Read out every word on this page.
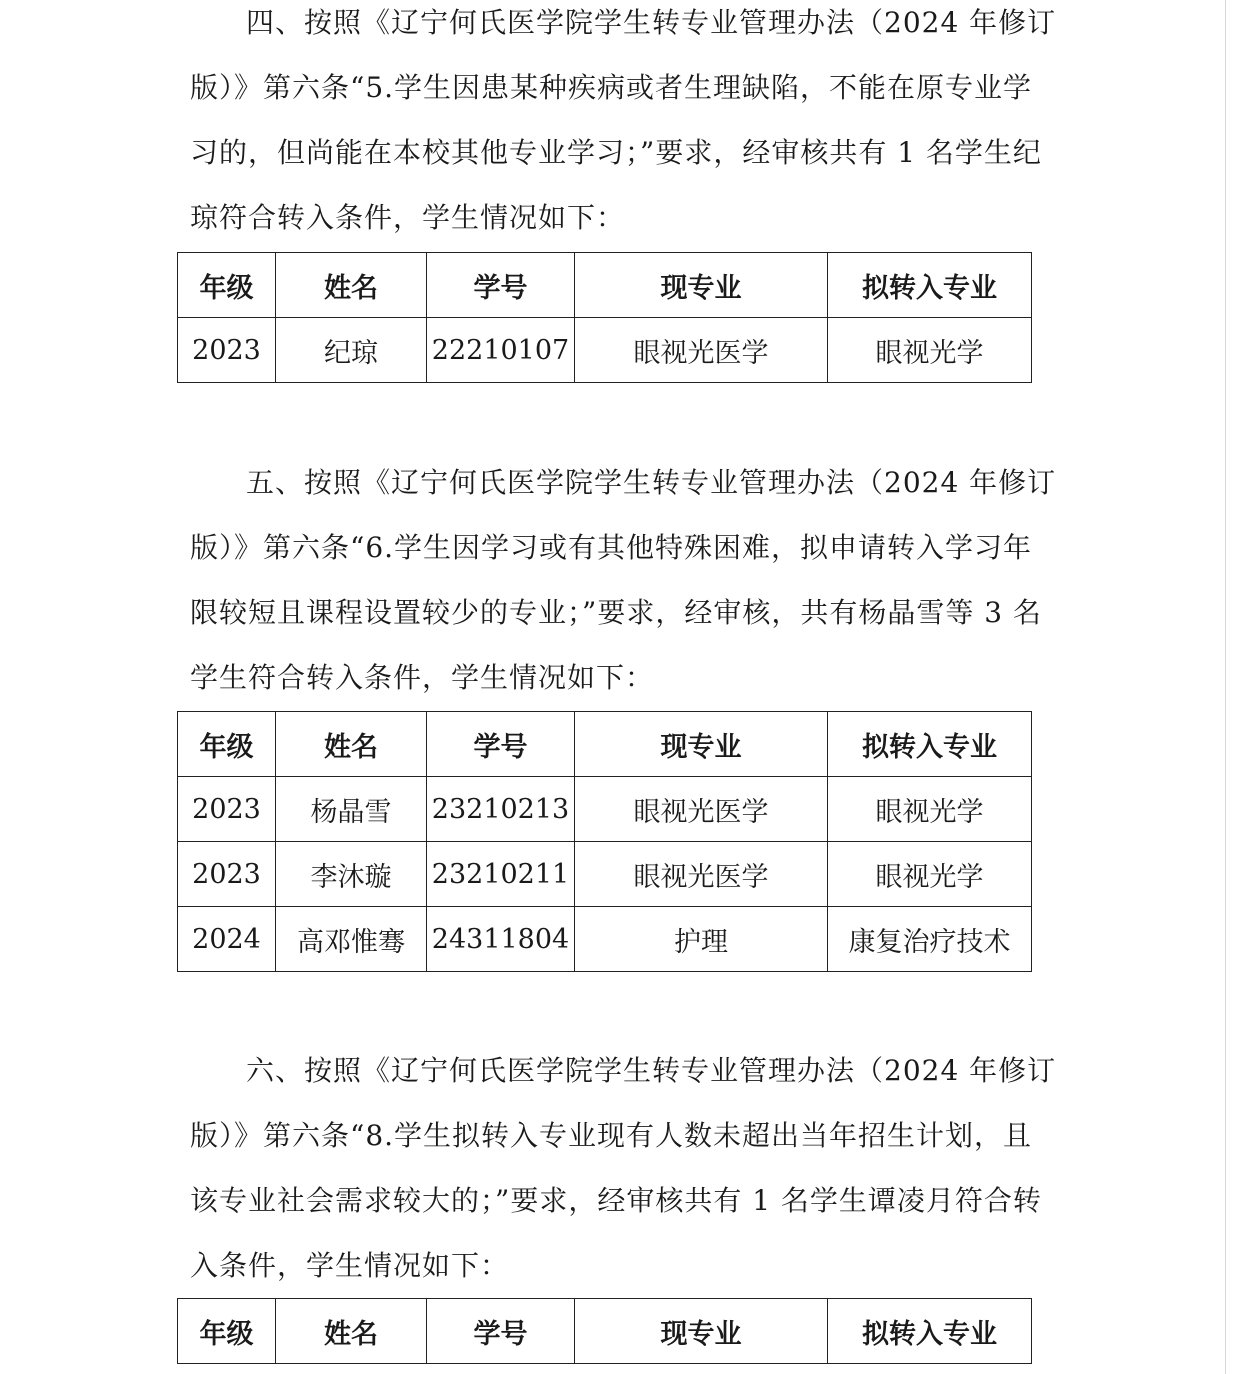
四、按照《辽宁何氏医学院学生转专业管理办法（2024 年修订
版）》第六条“5.学生因患某种疾病或者生理缺陷，不能在原专业学
习的，但尚能在本校其他专业学习；”要求，经审核共有 1 名学生纪
琼符合转入条件，学生情况如下：

年级	姓名	学号	现专业	拟转入专业
2023	纪琼	22210107	眼视光医学	眼视光学

五、按照《辽宁何氏医学院学生转专业管理办法（2024 年修订
版）》第六条“6.学生因学习或有其他特殊困难，拟申请转入学习年
限较短且课程设置较少的专业；”要求，经审核，共有杨晶雪等 3 名
学生符合转入条件，学生情况如下：

年级	姓名	学号	现专业	拟转入专业
2023	杨晶雪	23210213	眼视光医学	眼视光学
2023	李沐璇	23210211	眼视光医学	眼视光学
2024	高邓惟骞	24311804	护理	康复治疗技术

六、按照《辽宁何氏医学院学生转专业管理办法（2024 年修订
版）》第六条“8.学生拟转入专业现有人数未超出当年招生计划，且
该专业社会需求较大的；”要求，经审核共有 1 名学生谭凌月符合转
入条件，学生情况如下：

年级	姓名	学号	现专业	拟转入专业
